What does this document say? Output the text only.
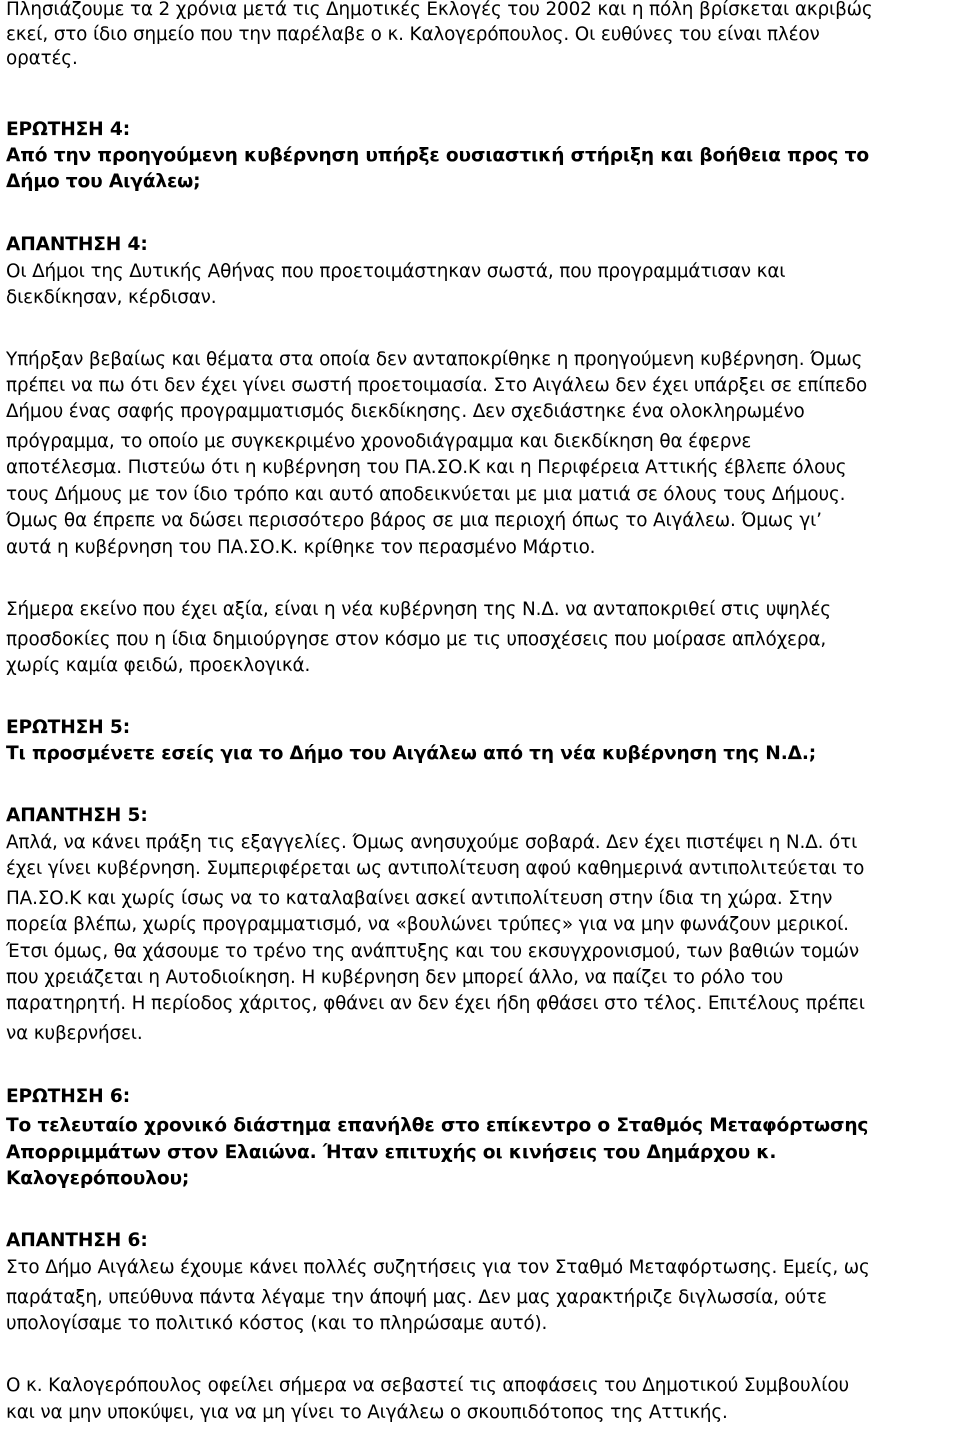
Πλησιάζουμε τα 2 χρόνια μετά τις Δημοτικές Εκλογές του 2002 και η πόλη βρίσκεται ακριβώς
εκεί, στο ίδιο σημείο που την παρέλαβε ο κ. Καλογερόπουλος. Οι ευθύνες του είναι πλέον
ορατές.
ΕΡΩΤΗΣΗ 4:
Από την προηγούμενη κυβέρνηση υπήρξε ουσιαστική στήριξη και βοήθεια προς το
Δήμο του Αιγάλεω;
ΑΠΑΝΤΗΣΗ 4:
Οι Δήμοι της Δυτικής Αθήνας που προετοιμάστηκαν σωστά, που προγραμμάτισαν και
διεκδίκησαν, κέρδισαν.
Υπήρξαν βεβαίως και θέματα στα οποία δεν ανταποκρίθηκε η προηγούμενη κυβέρνηση. Όμως
πρέπει να πω ότι δεν έχει γίνει σωστή προετοιμασία. Στο Αιγάλεω δεν έχει υπάρξει σε επίπεδο
Δήμου ένας σαφής προγραμματισμός διεκδίκησης. Δεν σχεδιάστηκε ένα ολοκληρωμένο
πρόγραμμα, το οποίο με συγκεκριμένο χρονοδιάγραμμα και διεκδίκηση θα έφερνε
αποτέλεσμα. Πιστεύω ότι η κυβέρνηση του ΠΑ.ΣΟ.Κ και η Περιφέρεια Αττικής έβλεπε όλους
τους Δήμους με τον ίδιο τρόπο και αυτό αποδεικνύεται με μια ματιά σε όλους τους Δήμους.
Όμως θα έπρεπε να δώσει περισσότερο βάρος σε μια περιοχή όπως το Αιγάλεω. Όμως γι’
αυτά η κυβέρνηση του ΠΑ.ΣΟ.Κ. κρίθηκε τον περασμένο Μάρτιο.
Σήμερα εκείνο που έχει αξία, είναι η νέα κυβέρνηση της Ν.Δ. να ανταποκριθεί στις υψηλές
προσδοκίες που η ίδια δημιούργησε στον κόσμο με τις υποσχέσεις που μοίρασε απλόχερα,
χωρίς καμία φειδώ, προεκλογικά.
ΕΡΩΤΗΣΗ 5:
Τι προσμένετε εσείς για το Δήμο του Αιγάλεω από τη νέα κυβέρνηση της Ν.Δ.;
ΑΠΑΝΤΗΣΗ 5:
Απλά, να κάνει πράξη τις εξαγγελίες. Όμως ανησυχούμε σοβαρά. Δεν έχει πιστέψει η Ν.Δ. ότι
έχει γίνει κυβέρνηση. Συμπεριφέρεται ως αντιπολίτευση αφού καθημερινά αντιπολιτεύεται το
ΠΑ.ΣΟ.Κ και χωρίς ίσως να το καταλαβαίνει ασκεί αντιπολίτευση στην ίδια τη χώρα. Στην
πορεία βλέπω, χωρίς προγραμματισμό, να «βουλώνει τρύπες» για να μην φωνάζουν μερικοί.
Έτσι όμως, θα χάσουμε το τρένο της ανάπτυξης και του εκσυγχρονισμού, των βαθιών τομών
που χρειάζεται η Αυτοδιοίκηση. Η κυβέρνηση δεν μπορεί άλλο, να παίζει το ρόλο του
παρατηρητή. Η περίοδος χάριτος, φθάνει αν δεν έχει ήδη φθάσει στο τέλος. Επιτέλους πρέπει
να κυβερνήσει.
ΕΡΩΤΗΣΗ 6:
Το τελευταίο χρονικό διάστημα επανήλθε στο επίκεντρο ο Σταθμός Μεταφόρτωσης
Απορριμμάτων στον Ελαιώνα. Ήταν επιτυχής οι κινήσεις του Δημάρχου κ.
Καλογερόπουλου;
ΑΠΑΝΤΗΣΗ 6:
Στο Δήμο Αιγάλεω έχουμε κάνει πολλές συζητήσεις για τον Σταθμό Μεταφόρτωσης. Εμείς, ως
παράταξη, υπεύθυνα πάντα λέγαμε την άποψή μας. Δεν μας χαρακτήριζε διγλωσσία, ούτε
υπολογίσαμε το πολιτικό κόστος (και το πληρώσαμε αυτό).
Ο κ. Καλογερόπουλος οφείλει σήμερα να σεβαστεί τις αποφάσεις του Δημοτικού Συμβουλίου
και να μην υποκύψει, για να μη γίνει το Αιγάλεω ο σκουπιδότοπος της Αττικής.
